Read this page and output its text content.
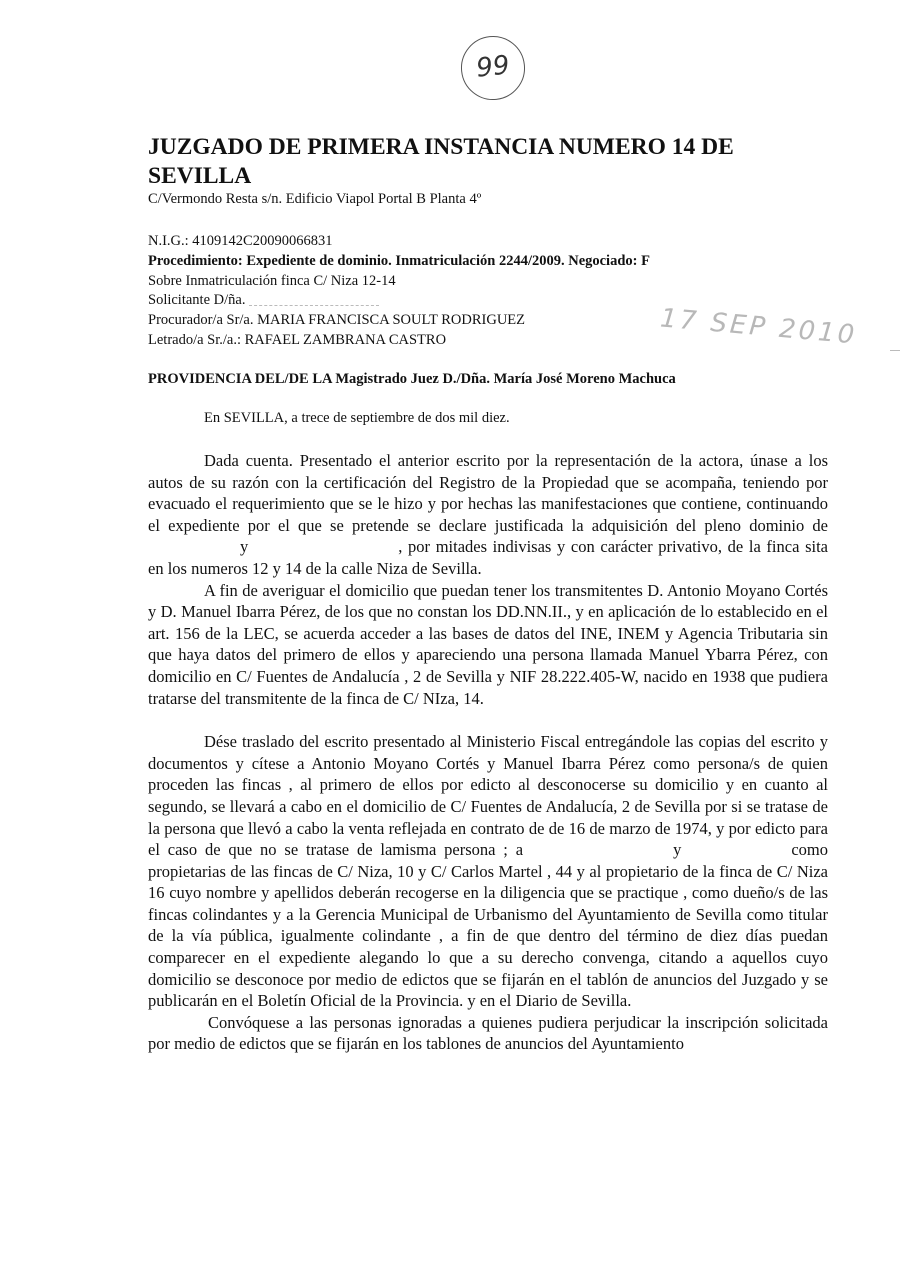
99
17 SEP 2010
JUZGADO DE PRIMERA INSTANCIA NUMERO 14 DE SEVILLA
C/Vermondo Resta s/n. Edificio Viapol Portal B Planta 4º
N.I.G.: 4109142C20090066831
Procedimiento: Expediente de dominio. Inmatriculación 2244/2009. Negociado: F
Sobre Inmatriculación finca C/ Niza 12-14
Solicitante D/ña.
Procurador/a Sr/a. MARIA FRANCISCA SOULT RODRIGUEZ
Letrado/a Sr./a.: RAFAEL ZAMBRANA CASTRO
PROVIDENCIA DEL/DE LA Magistrado Juez D./Dña. María José Moreno Machuca
En SEVILLA, a trece de septiembre de dos mil diez.

Dada cuenta. Presentado el anterior escrito por la representación de la actora, únase a los autos de su razón con la certificación del Registro de la Propiedad que se acompaña, teniendo por evacuado el requerimiento que se le hizo y por hechas las manifestaciones que contiene, continuando el expediente por el que se pretende se declare justificada la adquisición del pleno dominio dey	, por mitades indivisas y con carácter privativo, de la finca sita en los numeros 12 y 14 de la calle Niza de Sevilla.

A fin de averiguar el domicilio que puedan tener los transmitentes D. Antonio Moyano Cortés y D. Manuel Ibarra Pérez, de los que no constan los DD.NN.II., y en aplicación de lo establecido en el art. 156 de la LEC, se acuerda acceder a las bases de datos del INE, INEM y Agencia Tributaria sin que haya datos del primero de ellos y apareciendo una persona llamada Manuel Ybarra Pérez, con domicilio en C/ Fuentes de Andalucía , 2 de Sevilla y NIF 28.222.405-W, nacido en 1938 que pudiera tratarse del transmitente de la finca de C/ NIza, 14.

Dése traslado del escrito presentado al Ministerio Fiscal entregándole las copias del escrito y documentos y cítese a Antonio Moyano Cortés y Manuel Ibarra Pérez como persona/s de quien proceden las fincas , al primero de ellos por edicto al desconocerse su domicilio y en cuanto al segundo, se llevará a cabo en el domicilio de C/ Fuentes de Andalucía, 2 de Sevilla por si se tratase de la persona que llevó a cabo la venta reflejada en contrato de de 16 de marzo de 1974, y por edicto para el caso de que no se tratase de lamisma persona ; a	y	como propietarias de las fincas de C/ Niza, 10 y C/ Carlos Martel , 44 y al propietario de la finca de C/ Niza 16 cuyo nombre y apellidos deberán recogerse en la diligencia que se practique , como dueño/s de las fincas colindantes y a la Gerencia Municipal de Urbanismo del Ayuntamiento de Sevilla como titular de la vía pública, igualmente colindante , a fin de que dentro del término de diez días puedan comparecer en el expediente alegando lo que a su derecho convenga, citando a aquellos cuyo domicilio se desconoce por medio de edictos que se fijarán en el tablón de anuncios del Juzgado y se publicarán en el Boletín Oficial de la Provincia. y en el Diario de Sevilla.

Convóquese a las personas ignoradas a quienes pudiera perjudicar la inscripción solicitada por medio de edictos que se fijarán en los tablones de anuncios del Ayuntamiento
